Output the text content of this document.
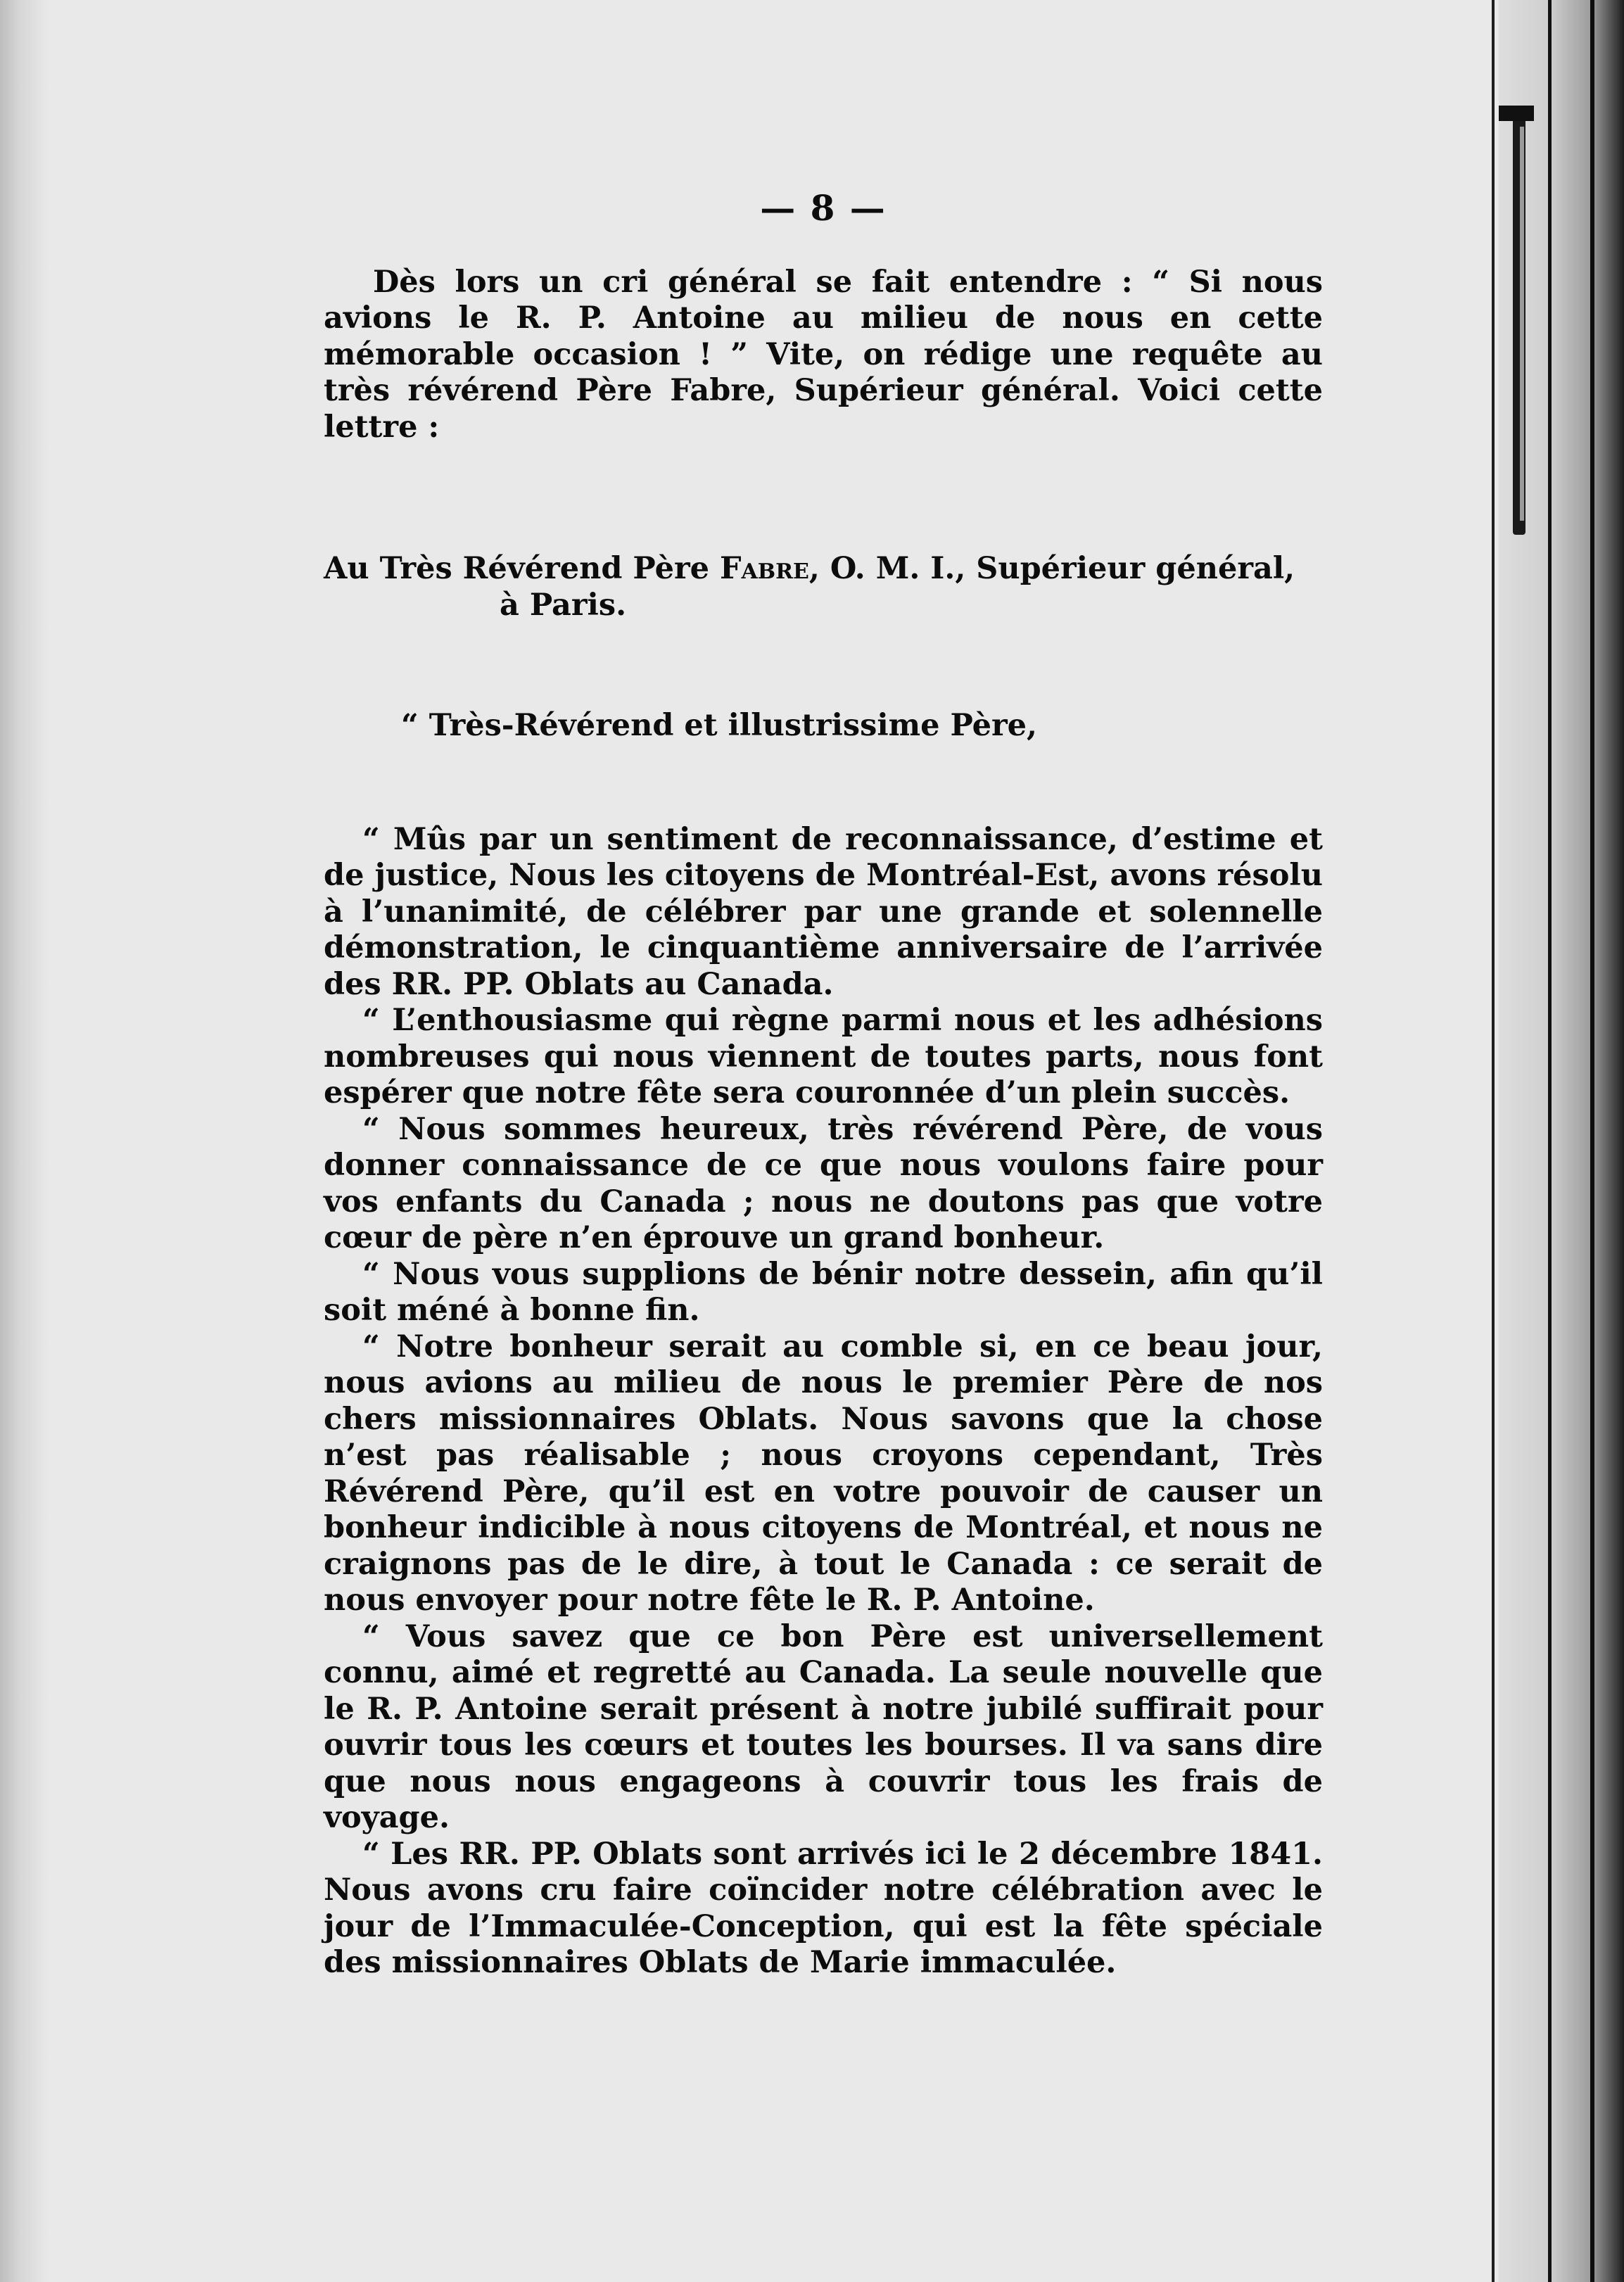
— 8 —

Dès lors un cri général se fait entendre : “ Si nous avions le R. P. Antoine au milieu de nous en cette mémorable occasion ! ” Vite, on rédige une requête au très révérend Père Fabre, Supérieur général. Voici cette lettre :

Au Très Révérend Père Fabre, O. M. I., Supérieur général,
à Paris.
“ Très-Révérend et illustrissime Père,

“ Mûs par un sentiment de reconnaissance, d’estime et de justice, Nous les citoyens de Montréal-Est, avons résolu à l’unanimité, de célébrer par une grande et solennelle démonstration, le cinquantième anniversaire de l’arrivée des RR. PP. Oblats au Canada.

“ L’enthousiasme qui règne parmi nous et les adhésions nombreuses qui nous viennent de toutes parts, nous font espérer que notre fête sera couronnée d’un plein succès.

“ Nous sommes heureux, très révérend Père, de vous donner connaissance de ce que nous voulons faire pour vos enfants du Canada ; nous ne doutons pas que votre cœur de père n’en éprouve un grand bonheur.

“ Nous vous supplions de bénir notre dessein, afin qu’il soit méné à bonne fin.

“ Notre bonheur serait au comble si, en ce beau jour, nous avions au milieu de nous le premier Père de nos chers missionnaires Oblats. Nous savons que la chose n’est pas réalisable ; nous croyons cependant, Très Révérend Père, qu’il est en votre pouvoir de causer un bonheur indicible à nous citoyens de Montréal, et nous ne craignons pas de le dire, à tout le Canada : ce serait de nous envoyer pour notre fête le R. P. Antoine.

“ Vous savez que ce bon Père est universellement connu, aimé et regretté au Canada. La seule nouvelle que le R. P. Antoine serait présent à notre jubilé suffirait pour ouvrir tous les cœurs et toutes les bourses. Il va sans dire que nous nous engageons à couvrir tous les frais de voyage.

“ Les RR. PP. Oblats sont arrivés ici le 2 décembre 1841. Nous avons cru faire coïncider notre célébration avec le jour de l’Immaculée-Conception, qui est la fête spéciale des missionnaires Oblats de Marie immaculée.
